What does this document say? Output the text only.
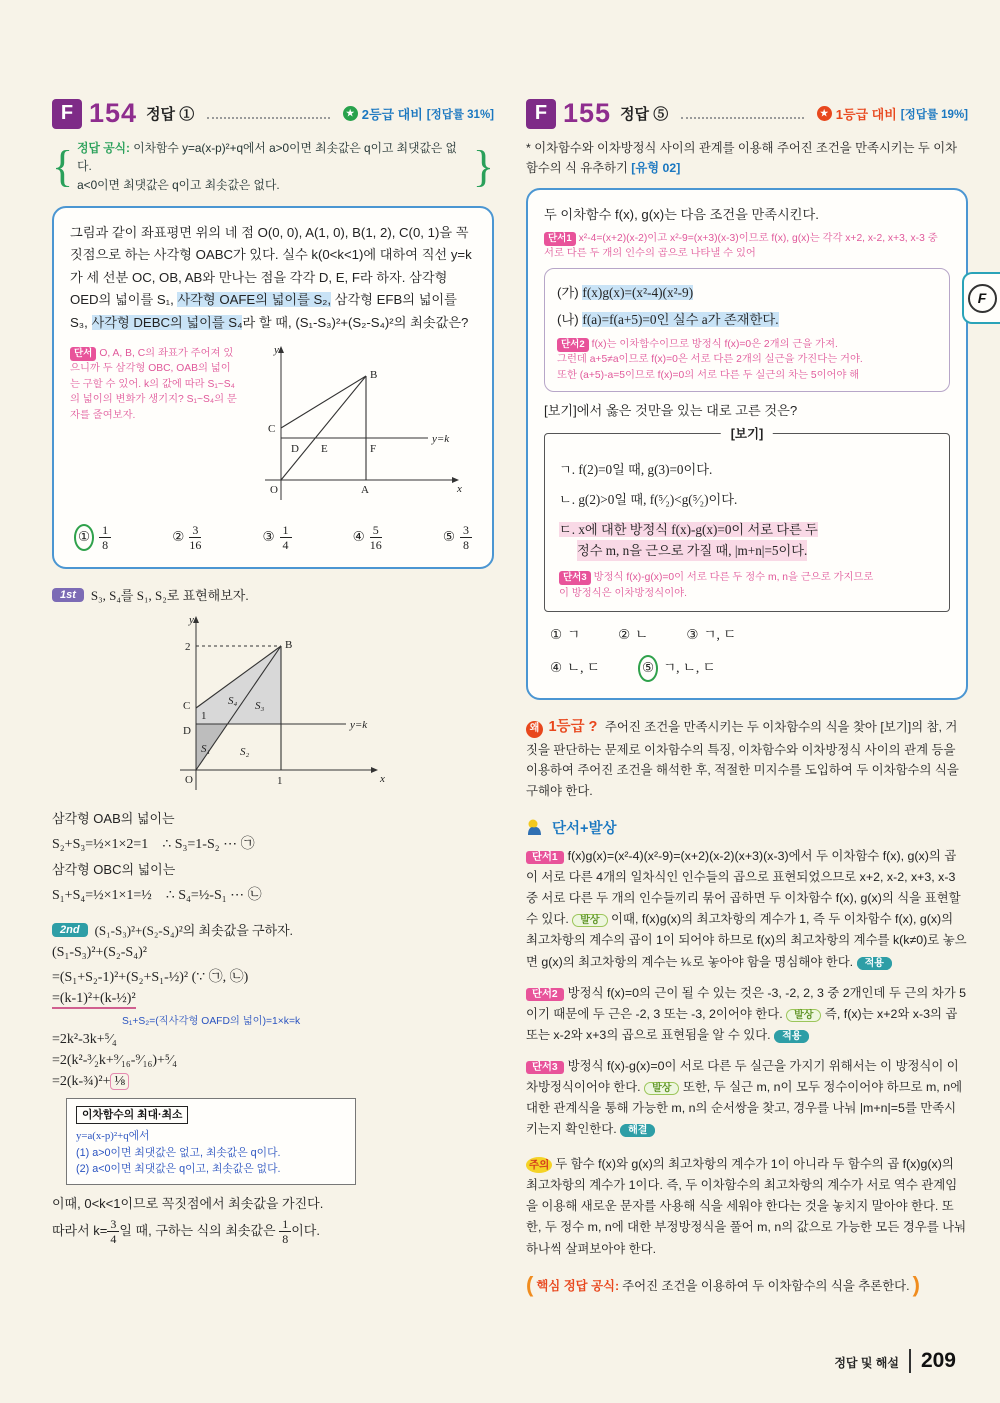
F 154 정답 ①	★ 2등급 대비 [정답률 31%]
{ 정답 공식: 이차함수 y=a(x-p)²+q에서 a>0이면 최솟값은 q이고 최댓값은 없다.
a<0이면 최댓값은 q이고 최솟값은 없다.	}
그림과 같이 좌표평면 위의 네 점 O(0, 0), A(1, 0), B(1, 2), C(0, 1)을 꼭짓점으로 하는 사각형 OABC가 있다. 실수 k(0<k<1)에 대하여 직선 y=k가 세 선분 OC, OB, AB와 만나는 점을 각각 D, E, F라 하자. 삼각형 OED의 넓이를 S₁, 사각형 OAFE의 넓이를 S₂, 삼각형 EFB의 넓이를 S₃, 사각형 DEBC의 넓이를 S₄라 할 때, (S₁-S₃)²+(S₂-S₄)²의 최솟값은?
단서 O, A, B, C의 좌표가 주어져 있으니까 두 삼각형 OBC, OAB의 넓이는 구할 수 있어. k의 값에 따라 S₁~S₄의 넓이의 변화가 생기지? S₁~S₄의 문자를 줄여보자.
y
B
C
D E	F
y=k
O	A	x
① $\frac{1}{8}$	② $\frac{3}{16}$	③ $\frac{1}{4}$	④ $\frac{5}{16}$	⑤ $\frac{3}{8}$
1st	S₃, S₄를 S₁, S₂로 표현해보자.
y
2	B
C
1
D
S₄ S₃
S₁	S₂
y=k
O	1	x
삼각형 OAB의 넓이는
S₂+S₃=½×1×2=1 ∴ S₃=1-S₂ ⋯ ㉠
삼각형 OBC의 넓이는
S₁+S₄=½×1×1=½ ∴ S₄=½-S₁ ⋯ ㉡
2nd	(S₁-S₃)²+(S₂-S₄)²의 최솟값을 구하자.
(S₁-S₃)²+(S₂-S₄)²
=(S₁+S₂-1)²+(S₂+S₁-½)² (∵ ㉠, ㉡)
=(k-1)²+(k-½)²
S₁+S₂=(직사각형 OAFD의 넓이)=1×k=k
=2k²-3k+⁵⁄₄
=2(k²-³⁄₂k+⁹⁄₁₆-⁹⁄₁₆)+⁵⁄₄
=2(k-¾)²+ ⅛
이차함수의 최대·최소
y=a(x-p)²+q에서
(1) a>0이면 최댓값은 없고, 최솟값은 q이다.
(2) a<0이면 최댓값은 q이고, 최솟값은 없다.
이때, 0<k<1이므로 꼭짓점에서 최솟값을 가진다.
따라서 $k= \frac{3}{4}$ 일 때, 구하는 식의 최솟값은 $\frac{1}{8}$ 이다.
F 155 정답 ⑤	★ 1등급 대비 [정답률 19%]
* 이차함수와 이차방정식 사이의 관계를 이용해 주어진 조건을 만족시키는 두 이차함수의 식 유추하기 [유형 02]
두 이차함수 f(x), g(x)는 다음 조건을 만족시킨다.
단서1 x²-4=(x+2)(x-2)이고 x²-9=(x+3)(x-3)이므로 f(x), g(x)는 각각 x+2, x-2, x+3, x-3 중 서로 다른 두 개의 인수의 곱으로 나타낼 수 있어
(가) f(x)g(x)=(x²-4)(x²-9)
(나) f(a)=f(a+5)=0인 실수 a가 존재한다.
단서2 f(x)는 이차함수이므로 방정식 f(x)=0은 2개의 근을 가져.
그런데 a+5≠a이므로 f(x)=0은 서로 다른 2개의 실근을 가진다는 거야.
또한 (a+5)-a=5이므로 f(x)=0의 서로 다른 두 실근의 차는 5이어야 해
[보기]에서 옳은 것만을 있는 대로 고른 것은?
[보기]
ㄱ. f(2)=0일 때, g(3)=0이다.
ㄴ. g(2)>0일 때, f(⁵⁄₂)<g(⁵⁄₂)이다.
ㄷ. x에 대한 방정식 f(x)-g(x)=0이 서로 다른 두
정수 m, n을 근으로 가질 때, |m+n|=5이다.
단서3 방정식 f(x)-g(x)=0이 서로 다른 두 정수 m, n을 근으로 가지므로
이 방정식은 이차방정식이야.
① ㄱ	② ㄴ	③ ㄱ, ㄷ
④ ㄴ, ㄷ	⑤ ㄱ, ㄴ, ㄷ
왜 1등급 ? 주어진 조건을 만족시키는 두 이차함수의 식을 찾아 [보기]의 참, 거짓을 판단하는 문제로 이차함수의 특징, 이차함수와 이차방정식 사이의 관계 등을 이용하여 주어진 조건을 해석한 후, 적절한 미지수를 도입하여 두 이차함수의 식을 구해야 한다.
단서+발상
단서1 f(x)g(x)=(x²-4)(x²-9)=(x+2)(x-2)(x+3)(x-3)에서 두 이차함수 f(x), g(x)의 곱이 서로 다른 4개의 일차식인 인수들의 곱으로 표현되었으므로 x+2, x-2, x+3, x-3 중 서로 다른 두 개의 인수들끼리 묶어 곱하면 두 이차함수 f(x), g(x)의 식을 표현할 수 있다. 발상 이때, f(x)g(x)의 최고차항의 계수가 1, 즉 두 이차함수 f(x), g(x)의 최고차항의 계수의 곱이 1이 되어야 하므로 f(x)의 최고차항의 계수를 k(k≠0)로 놓으면 g(x)의 최고차항의 계수는 ¹⁄ₖ로 놓아야 함을 명심해야 한다. 적용
단서2 방정식 f(x)=0의 근이 될 수 있는 것은 -3, -2, 2, 3 중 2개인데 두 근의 차가 5이기 때문에 두 근은 -2, 3 또는 -3, 2이어야 한다. 발상 즉, f(x)는 x+2와 x-3의 곱 또는 x-2와 x+3의 곱으로 표현됨을 알 수 있다. 적용
단서3 방정식 f(x)-g(x)=0이 서로 다른 두 실근을 가지기 위해서는 이 방정식이 이차방정식이어야 한다. 발상 또한, 두 실근 m, n이 모두 정수이어야 하므로 m, n에 대한 관계식을 통해 가능한 m, n의 순서쌍을 찾고, 경우를 나눠 |m+n|=5를 만족시키는지 확인한다. 해결
주의 두 함수 f(x)와 g(x)의 최고차항의 계수가 1이 아니라 두 함수의 곱 f(x)g(x)의 최고차항의 계수가 1이다. 즉, 두 이차함수의 최고차항의 계수가 서로 역수 관계임을 이용해 새로운 문자를 사용해 식을 세워야 한다는 것을 놓치지 말아야 한다. 또한, 두 정수 m, n에 대한 부정방정식을 풀어 m, n의 값으로 가능한 모든 경우를 나눠 하나씩 살펴보아야 한다.
( 핵심 정답 공식: 주어진 조건을 이용하여 두 이차함수의 식을 추론한다. )
F
정답 및 해설	209
